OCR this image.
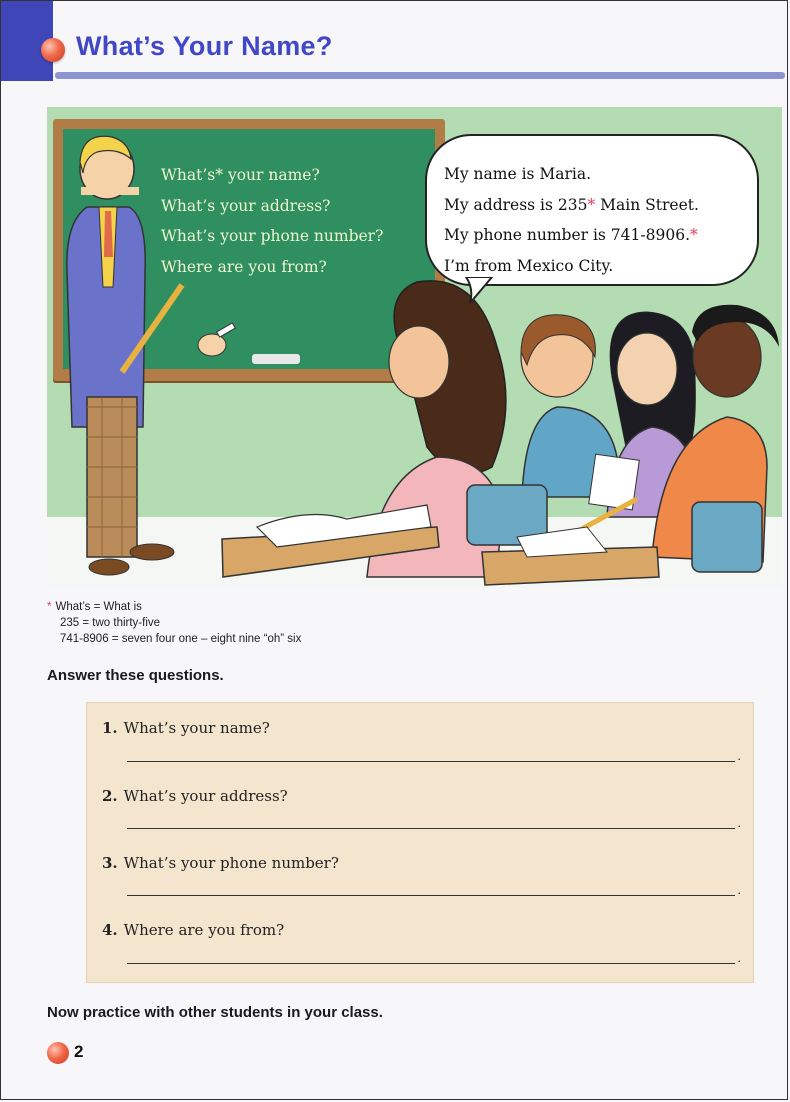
What’s Your Name?
What’s* your name?
What’s your address?
What’s your phone number?
Where are you from?
My name is Maria.
My address is 235* Main Street.
My phone number is 741-8906.*
I’m from Mexico City.
* What’s = What is
235 = two thirty-five
741-8906 = seven four one – eight nine “oh” six
Answer these questions.
1. What’s your name?
.
2. What’s your address?
.
3. What’s your phone number?
.
4. Where are you from?
.
Now practice with other students in your class.
2
